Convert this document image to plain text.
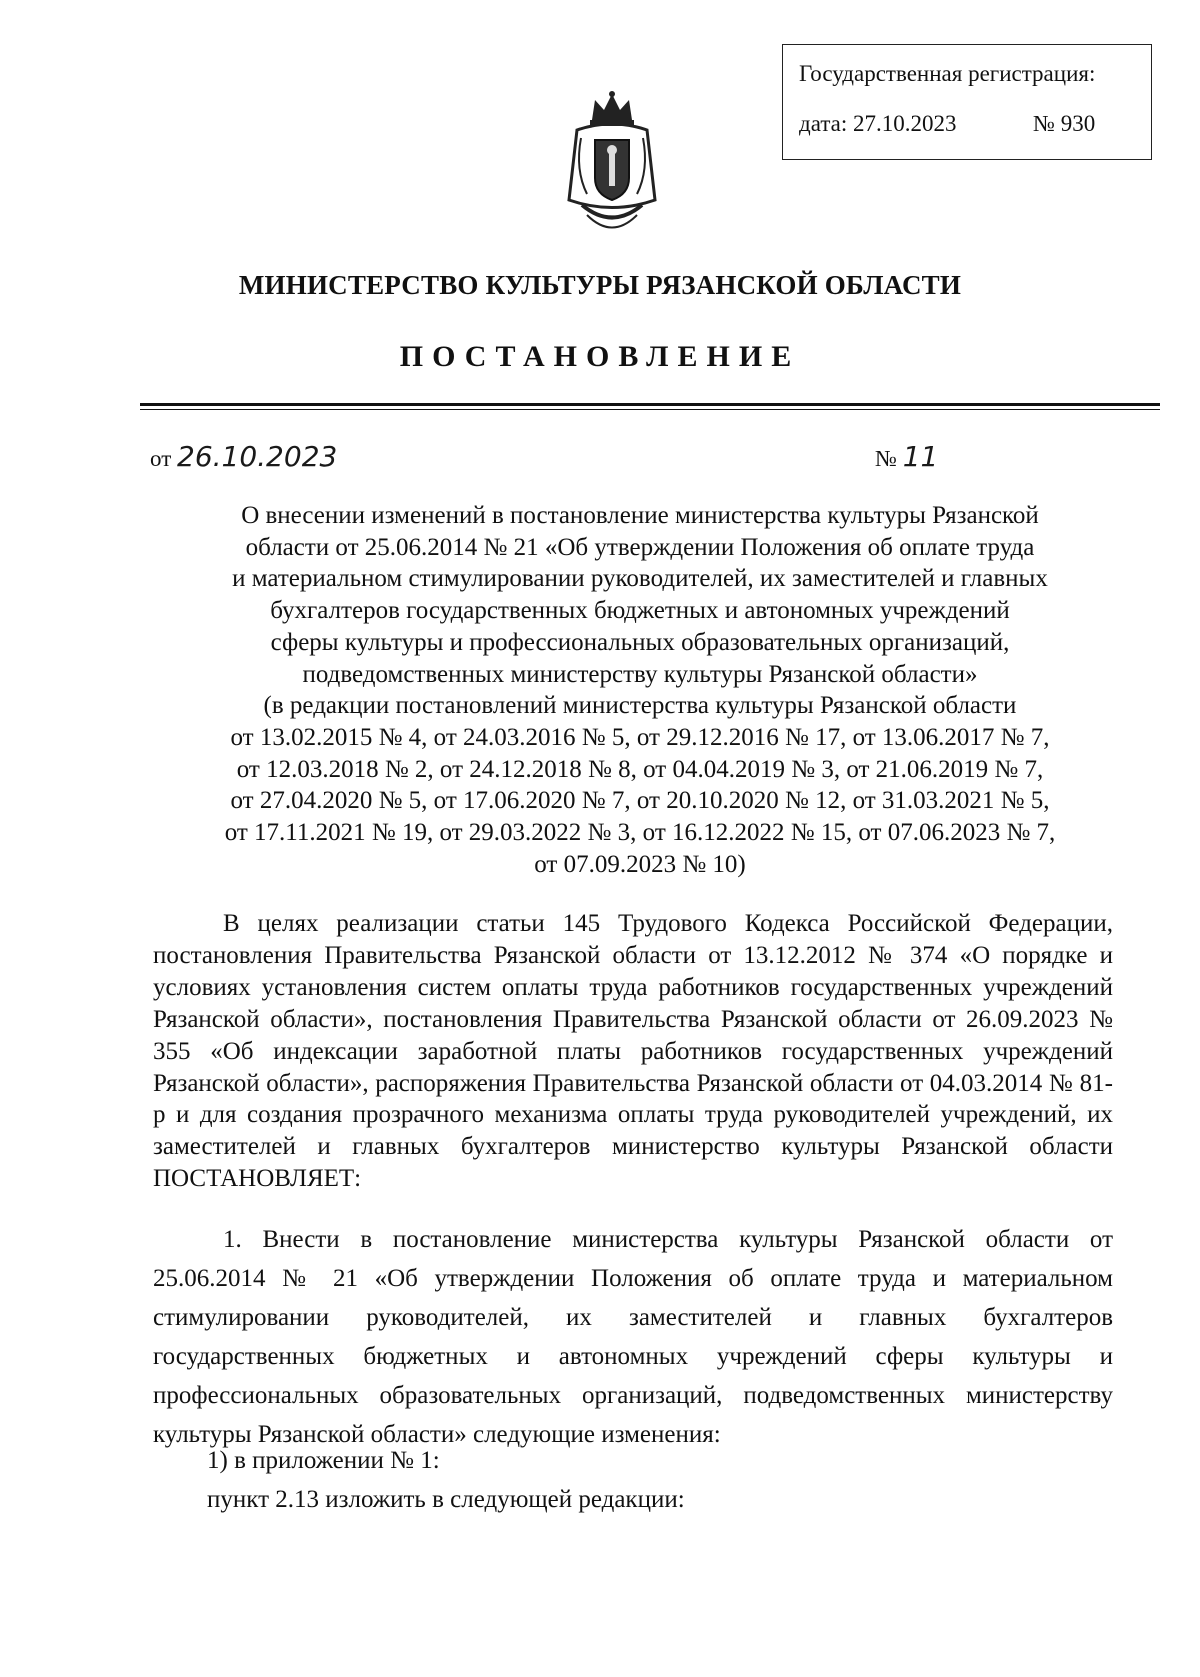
Государственная регистрация:
дата: 27.10.2023	№ 930
МИНИСТЕРСТВО КУЛЬТУРЫ РЯЗАНСКОЙ ОБЛАСТИ
ПОСТАНОВЛЕНИЕ
от 26.10.2023	№ 11
О внесении изменений в постановление министерства культуры Рязанской
области от 25.06.2014 № 21 «Об утверждении Положения об оплате труда
и материальном стимулировании руководителей, их заместителей и главных
бухгалтеров государственных бюджетных и автономных учреждений
сферы культуры и профессиональных образовательных организаций,
подведомственных министерству культуры Рязанской области»
(в редакции постановлений министерства культуры Рязанской области
от 13.02.2015 № 4, от 24.03.2016 № 5, от 29.12.2016 № 17, от 13.06.2017 № 7,
от 12.03.2018 № 2, от 24.12.2018 № 8, от 04.04.2019 № 3, от 21.06.2019 № 7,
от 27.04.2020 № 5, от 17.06.2020 № 7, от 20.10.2020 № 12, от 31.03.2021 № 5,
от 17.11.2021 № 19, от 29.03.2022 № 3, от 16.12.2022 № 15, от 07.06.2023 № 7,
от 07.09.2023 № 10)
В целях реализации статьи 145 Трудового Кодекса Российской Федерации, постановления Правительства Рязанской области от 13.12.2012 № 374 «О порядке и условиях установления систем оплаты труда работников государственных учреждений Рязанской области», постановления Правительства Рязанской области от 26.09.2023 № 355 «Об индексации заработной платы работников государственных учреждений Рязанской области», распоряжения Правительства Рязанской области от 04.03.2014 № 81-р и для создания прозрачного механизма оплаты труда руководителей учреждений, их заместителей и главных бухгалтеров министерство культуры Рязанской области ПОСТАНОВЛЯЕТ:
1. Внести в постановление министерства культуры Рязанской области от 25.06.2014 № 21 «Об утверждении Положения об оплате труда и материальном стимулировании руководителей, их заместителей и главных бухгалтеров государственных бюджетных и автономных учреждений сферы культуры и профессиональных образовательных организаций, подведомственных министерству культуры Рязанской области» следующие изменения:
1) в приложении № 1:
пункт 2.13 изложить в следующей редакции:
